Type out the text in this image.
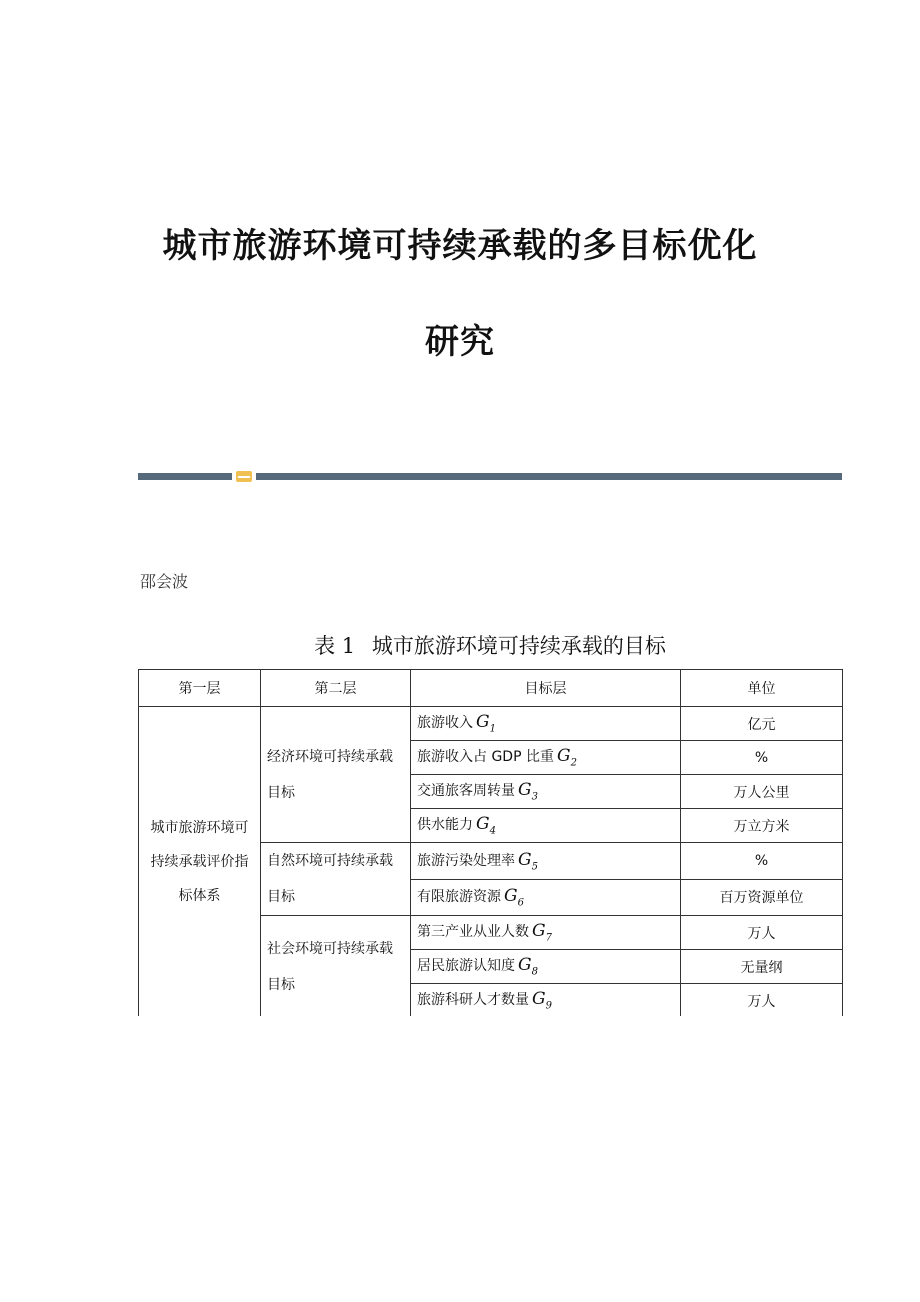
城市旅游环境可持续承载的多目标优化
研究
邵会波
表 1 城市旅游环境可持续承载的目标
第一层	第二层	目标层	单位
城市旅游环境可持续承载评价指标体系	经济环境可持续承载目标	旅游收入 $G_1$	亿元
		旅游收入占 GDP 比重 $G_2$	%
		交通旅客周转量 $G_3$	万人公里
		供水能力 $G_4$	万立方米
	自然环境可持续承载目标	旅游污染处理率 $G_5$	%
		有限旅游资源 $G_6$	百万资源单位
	社会环境可持续承载目标	第三产业从业人数 $G_7$	万人
		居民旅游认知度 $G_8$	无量纲
		旅游科研人才数量 $G_9$	万人
